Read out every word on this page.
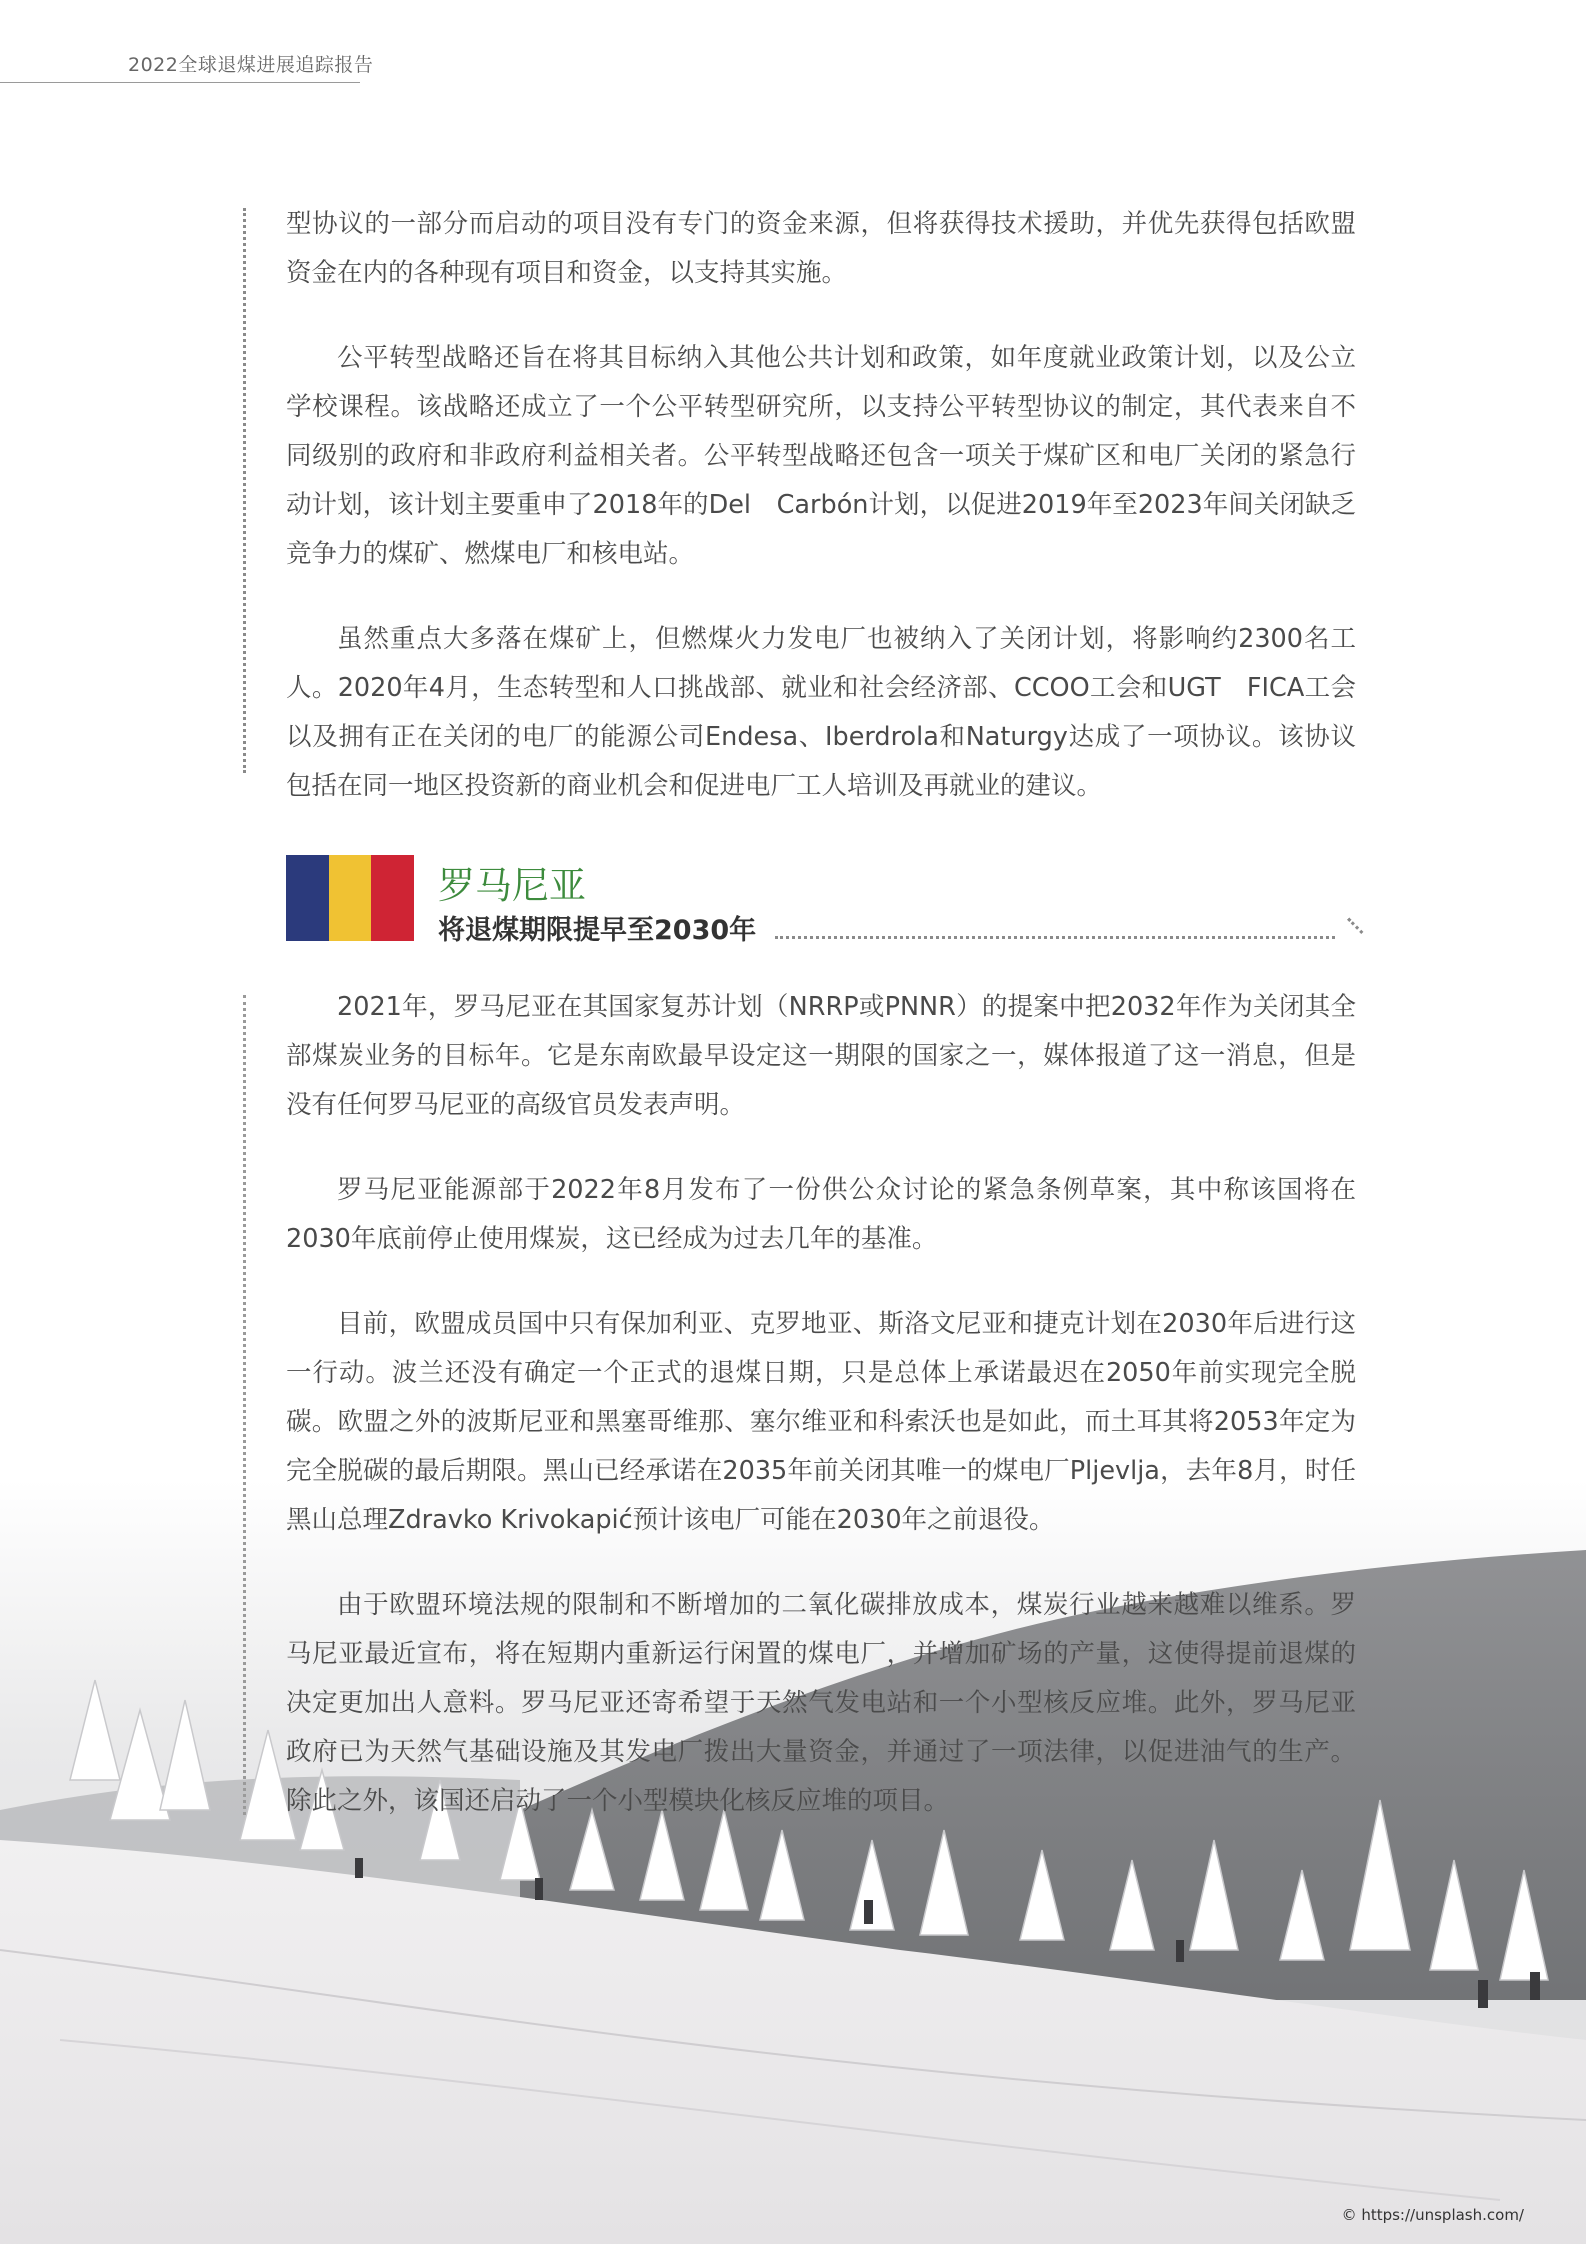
2022全球退煤进展追踪报告
© https://unsplash.com/

型协议的一部分而启动的项目没有专门的资金来源，但将获得技术援助，并优先获得包括欧盟资金在内的各种现有项目和资金，以支持其实施。

公平转型战略还旨在将其目标纳入其他公共计划和政策，如年度就业政策计划，以及公立学校课程。该战略还成立了一个公平转型研究所，以支持公平转型协议的制定，其代表来自不同级别的政府和非政府利益相关者。公平转型战略还包含一项关于煤矿区和电厂关闭的紧急行动计划，该计划主要重申了2018年的Del　Carbón计划，以促进2019年至2023年间关闭缺乏竞争力的煤矿、燃煤电厂和核电站。

虽然重点大多落在煤矿上，但燃煤火力发电厂也被纳入了关闭计划，将影响约2300名工人。2020年4月，生态转型和人口挑战部、就业和社会经济部、CCOO工会和UGT　FICA工会以及拥有正在关闭的电厂的能源公司Endesa、Iberdrola和Naturgy达成了一项协议。该协议包括在同一地区投资新的商业机会和促进电厂工人培训及再就业的建议。

罗马尼亚
将退煤期限提早至2030年

2021年，罗马尼亚在其国家复苏计划（NRRP或PNNR）的提案中把2032年作为关闭其全部煤炭业务的目标年。它是东南欧最早设定这一期限的国家之一，媒体报道了这一消息，但是没有任何罗马尼亚的高级官员发表声明。

罗马尼亚能源部于2022年8月发布了一份供公众讨论的紧急条例草案，其中称该国将在2030年底前停止使用煤炭，这已经成为过去几年的基准。

目前，欧盟成员国中只有保加利亚、克罗地亚、斯洛文尼亚和捷克计划在2030年后进行这一行动。波兰还没有确定一个正式的退煤日期，只是总体上承诺最迟在2050年前实现完全脱碳。欧盟之外的波斯尼亚和黑塞哥维那、塞尔维亚和科索沃也是如此，而土耳其将2053年定为完全脱碳的最后期限。黑山已经承诺在2035年前关闭其唯一的煤电厂Pljevlja，去年8月，时任黑山总理Zdravko Krivokapić预计该电厂可能在2030年之前退役。

由于欧盟环境法规的限制和不断增加的二氧化碳排放成本，煤炭行业越来越难以维系。罗马尼亚最近宣布，将在短期内重新运行闲置的煤电厂，并增加矿场的产量，这使得提前退煤的决定更加出人意料。罗马尼亚还寄希望于天然气发电站和一个小型核反应堆。此外，罗马尼亚政府已为天然气基础设施及其发电厂拨出大量资金，并通过了一项法律，以促进油气的生产。除此之外，该国还启动了一个小型模块化核反应堆的项目。
